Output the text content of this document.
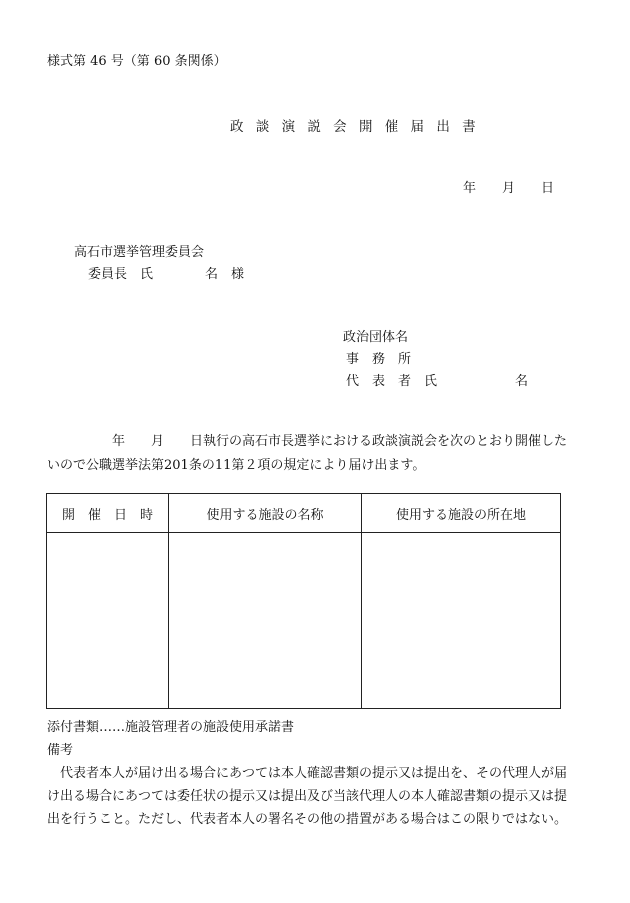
様式第 46 号（第 60 条関係）
政 談 演 説 会 開 催 届 出 書
年　　月　　日
高石市選挙管理委員会
委員長　氏　　　　名　様
政治団体名
事　務　所
代　表　者　氏　　　　　　名
　　　　　年　　月　　日執行の高石市長選挙における政談演説会を次のとおり開催した
いので公職選挙法第201条の11第２項の規定により届け出ます。
開　催　日　時	使用する施設の名称	使用する施設の所在地

添付書類……施設管理者の施設使用承諾書
備考
　代表者本人が届け出る場合にあつては本人確認書類の提示又は提出を、その代理人が届
け出る場合にあつては委任状の提示又は提出及び当該代理人の本人確認書類の提示又は提
出を行うこと。ただし、代表者本人の署名その他の措置がある場合はこの限りではない。
